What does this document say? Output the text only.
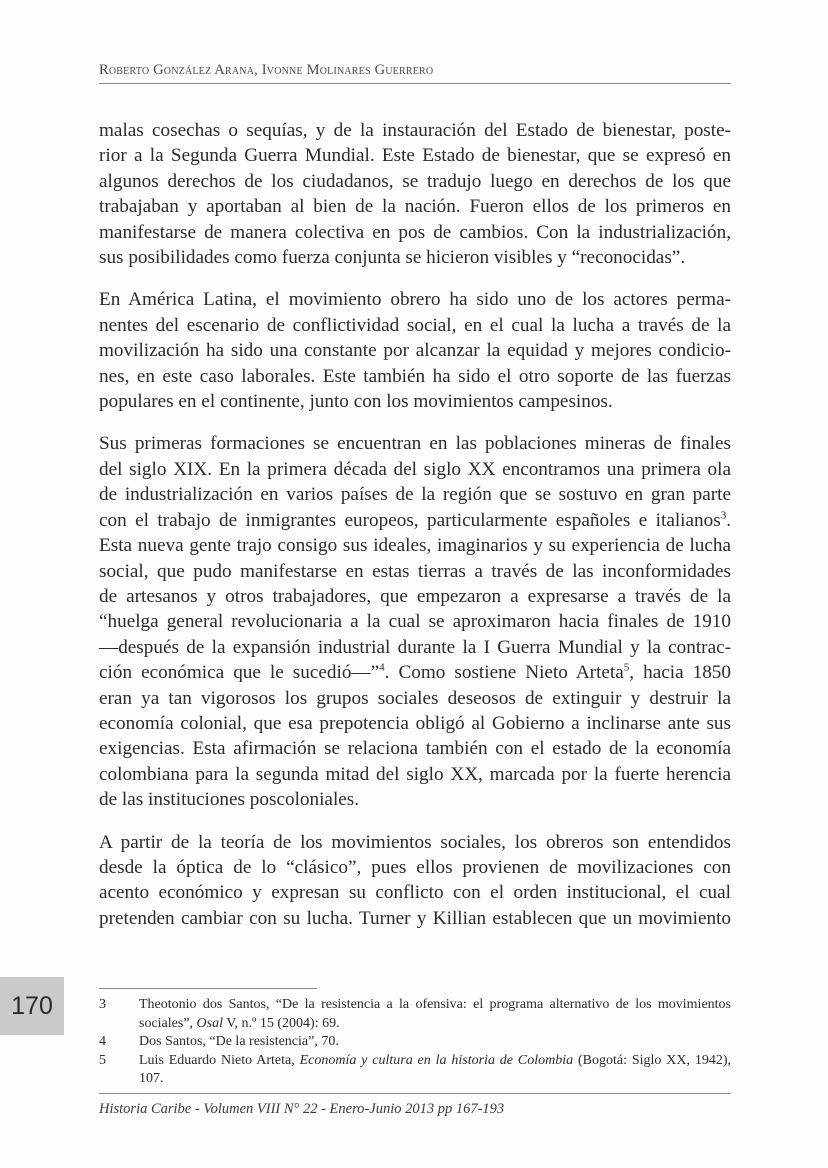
Roberto González Arana, Ivonne Molinares Guerrero

malas cosechas o sequías, y de la instauración del Estado de bienestar, poste-
rior a la Segunda Guerra Mundial. Este Estado de bienestar, que se expresó en
algunos derechos de los ciudadanos, se tradujo luego en derechos de los que
trabajaban y aportaban al bien de la nación. Fueron ellos de los primeros en
manifestarse de manera colectiva en pos de cambios. Con la industrialización,
sus posibilidades como fuerza conjunta se hicieron visibles y “reconocidas”.

En América Latina, el movimiento obrero ha sido uno de los actores perma-
nentes del escenario de conflictividad social, en el cual la lucha a través de la
movilización ha sido una constante por alcanzar la equidad y mejores condicio-
nes, en este caso laborales. Este también ha sido el otro soporte de las fuerzas
populares en el continente, junto con los movimientos campesinos.

Sus primeras formaciones se encuentran en las poblaciones mineras de finales
del siglo XIX. En la primera década del siglo XX encontramos una primera ola
de industrialización en varios países de la región que se sostuvo en gran parte
con el trabajo de inmigrantes europeos, particularmente españoles e italianos$^3$.
Esta nueva gente trajo consigo sus ideales, imaginarios y su experiencia de lucha
social, que pudo manifestarse en estas tierras a través de las inconformidades
de artesanos y otros trabajadores, que empezaron a expresarse a través de la
“huelga general revolucionaria a la cual se aproximaron hacia finales de 1910
—después de la expansión industrial durante la I Guerra Mundial y la contrac-
ción económica que le sucedió—”$^4$. Como sostiene Nieto Arteta$^5$, hacia 1850
eran ya tan vigorosos los grupos sociales deseosos de extinguir y destruir la
economía colonial, que esa prepotencia obligó al Gobierno a inclinarse ante sus
exigencias. Esta afirmación se relaciona también con el estado de la economía
colombiana para la segunda mitad del siglo XX, marcada por la fuerte herencia
de las instituciones poscoloniales.

A partir de la teoría de los movimientos sociales, los obreros son entendidos
desde la óptica de lo “clásico”, pues ellos provienen de movilizaciones con
acento económico y expresan su conflicto con el orden institucional, el cual
pretenden cambiar con su lucha. Turner y Killian establecen que un movimiento

170	3	Theotonio dos Santos, “De la resistencia a la ofensiva: el programa alternativo de los movimientos sociales”, Osal V, n.º 15 (2004): 69.
4	Dos Santos, “De la resistencia”, 70.
5	Luis Eduardo Nieto Arteta, Economía y cultura en la historia de Colombia (Bogotá: Siglo XX, 1942), 107.
Historia Caribe - Volumen VIII N° 22 - Enero-Junio 2013 pp 167-193
